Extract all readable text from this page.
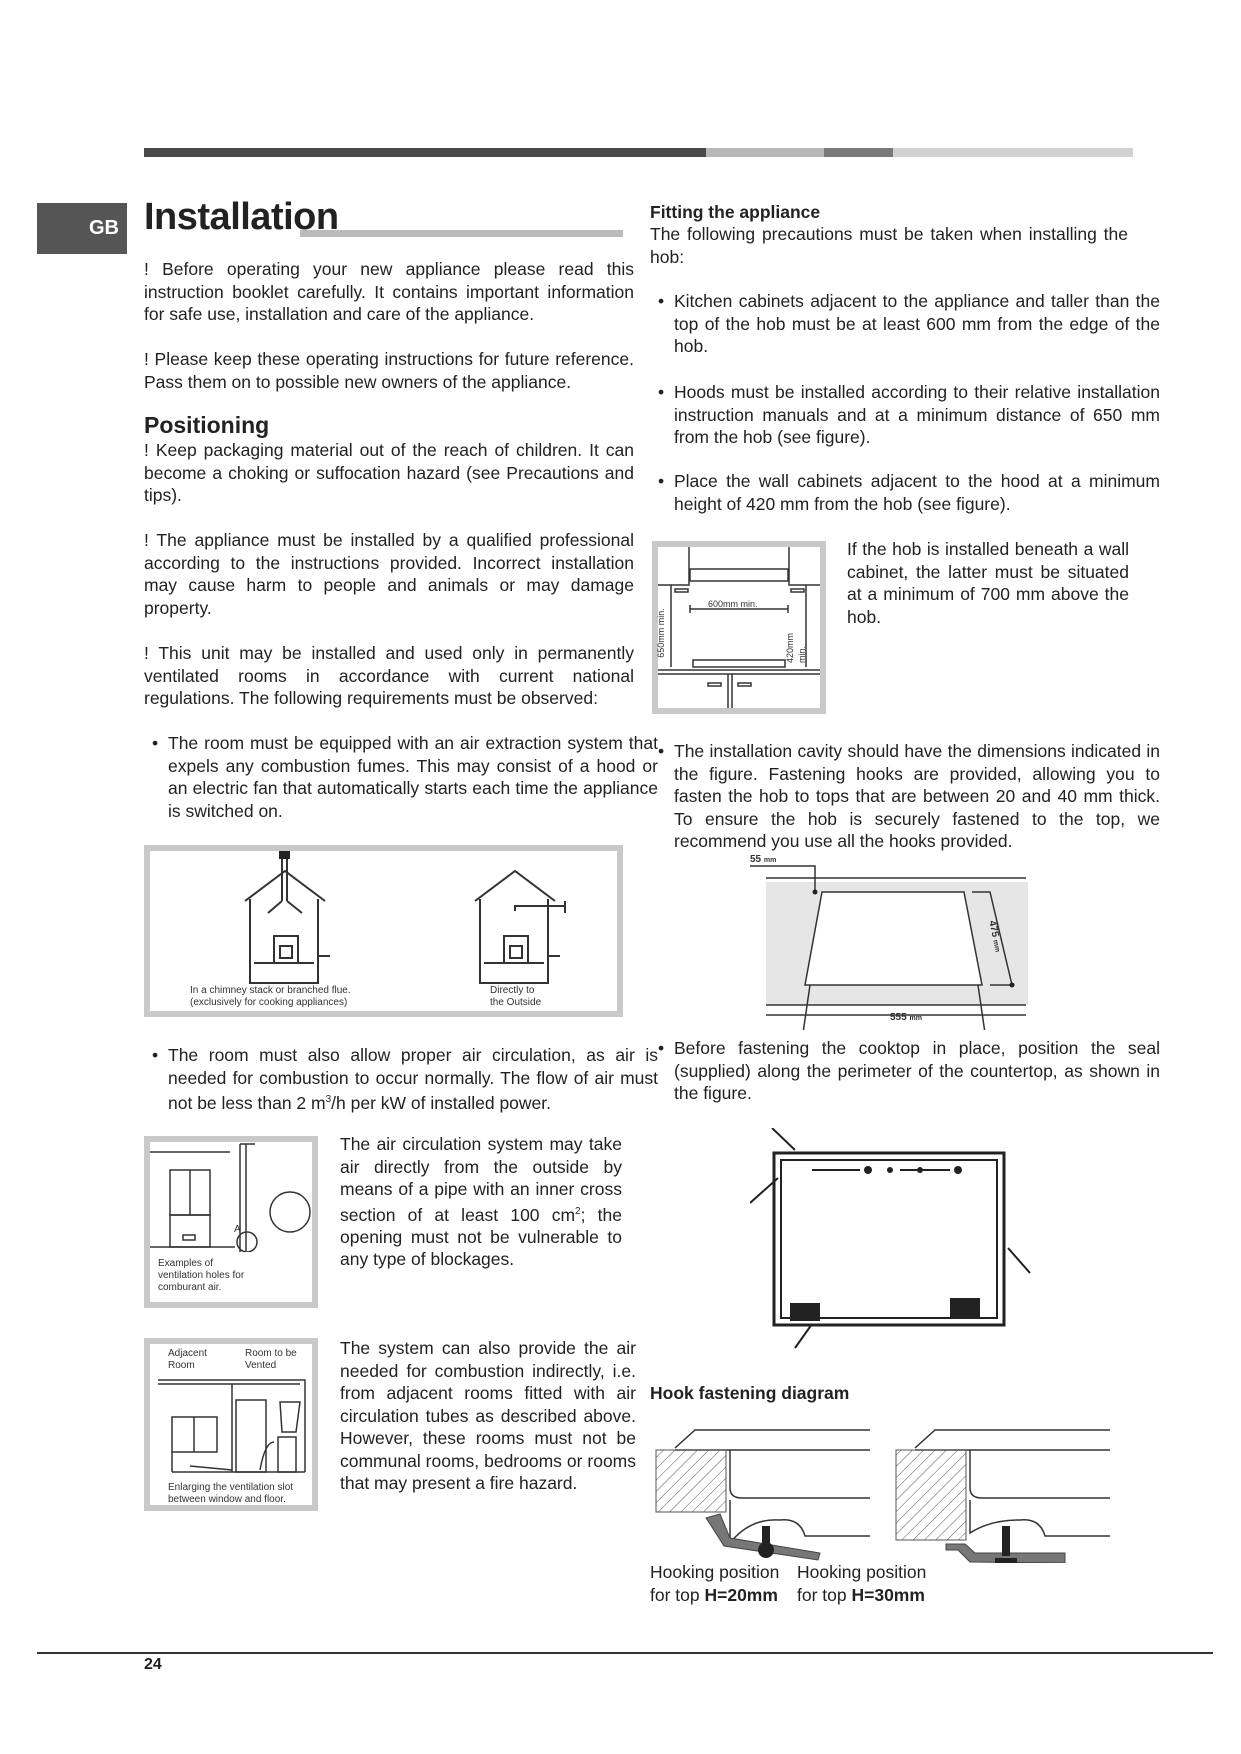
GB Installation
! Before operating your new appliance please read this instruction booklet carefully. It contains important information for safe use, installation and care of the appliance.
! Please keep these operating instructions for future reference. Pass them on to possible new owners of the appliance.
Positioning
! Keep packaging material out of the reach of children. It can become a choking or suffocation hazard (see Precautions and tips).
! The appliance must be installed by a qualified professional according to the instructions provided. Incorrect installation may cause harm to people and animals or may damage property.
! This unit may be installed and used only in permanently ventilated rooms in accordance with current national regulations. The following requirements must be observed:
• The room must be equipped with an air extraction system that expels any combustion fumes. This may consist of a hood or an electric fan that automatically starts each time the appliance is switched on.
In a chimney stack or branched flue. (exclusively for cooking appliances)
Directly to the Outside
• The room must also allow proper air circulation, as air is needed for combustion to occur normally. The flow of air must not be less than 2 $m^3/h$ per kW of installed power.
A
Examples of ventilation holes for comburant air.
The air circulation system may take air directly from the outside by means of a pipe with an inner cross section of at least 100 $cm^2$; the opening must not be vulnerable to any type of blockages.
Adjacent Room
Room to be Vented
Enlarging the ventilation slot between window and floor.
The system can also provide the air needed for combustion indirectly, i.e. from adjacent rooms fitted with air circulation tubes as described above. However, these rooms must not be communal rooms, bedrooms or rooms that may present a fire hazard.
Fitting the appliance
The following precautions must be taken when installing the hob:
• Kitchen cabinets adjacent to the appliance and taller than the top of the hob must be at least 600 mm from the edge of the hob.
• Hoods must be installed according to their relative installation instruction manuals and at a minimum distance of 650 mm from the hob (see figure).
• Place the wall cabinets adjacent to the hood at a minimum height of 420 mm from the hob (see figure).
600mm min.
650mm min.	420mm min.
If the hob is installed beneath a wall cabinet, the latter must be situated at a minimum of 700 mm above the hob.
• The installation cavity should have the dimensions indicated in the figure. Fastening hooks are provided, allowing you to fasten the hob to tops that are between 20 and 40 mm thick. To ensure the hob is securely fastened to the top, we recommend you use all the hooks provided.
55 mm
475 mm
555 mm
• Before fastening the cooktop in place, position the seal (supplied) along the perimeter of the countertop, as shown in the figure.
Hook fastening diagram
Hooking position
for top H=20mm
Hooking position
for top H=30mm
24
